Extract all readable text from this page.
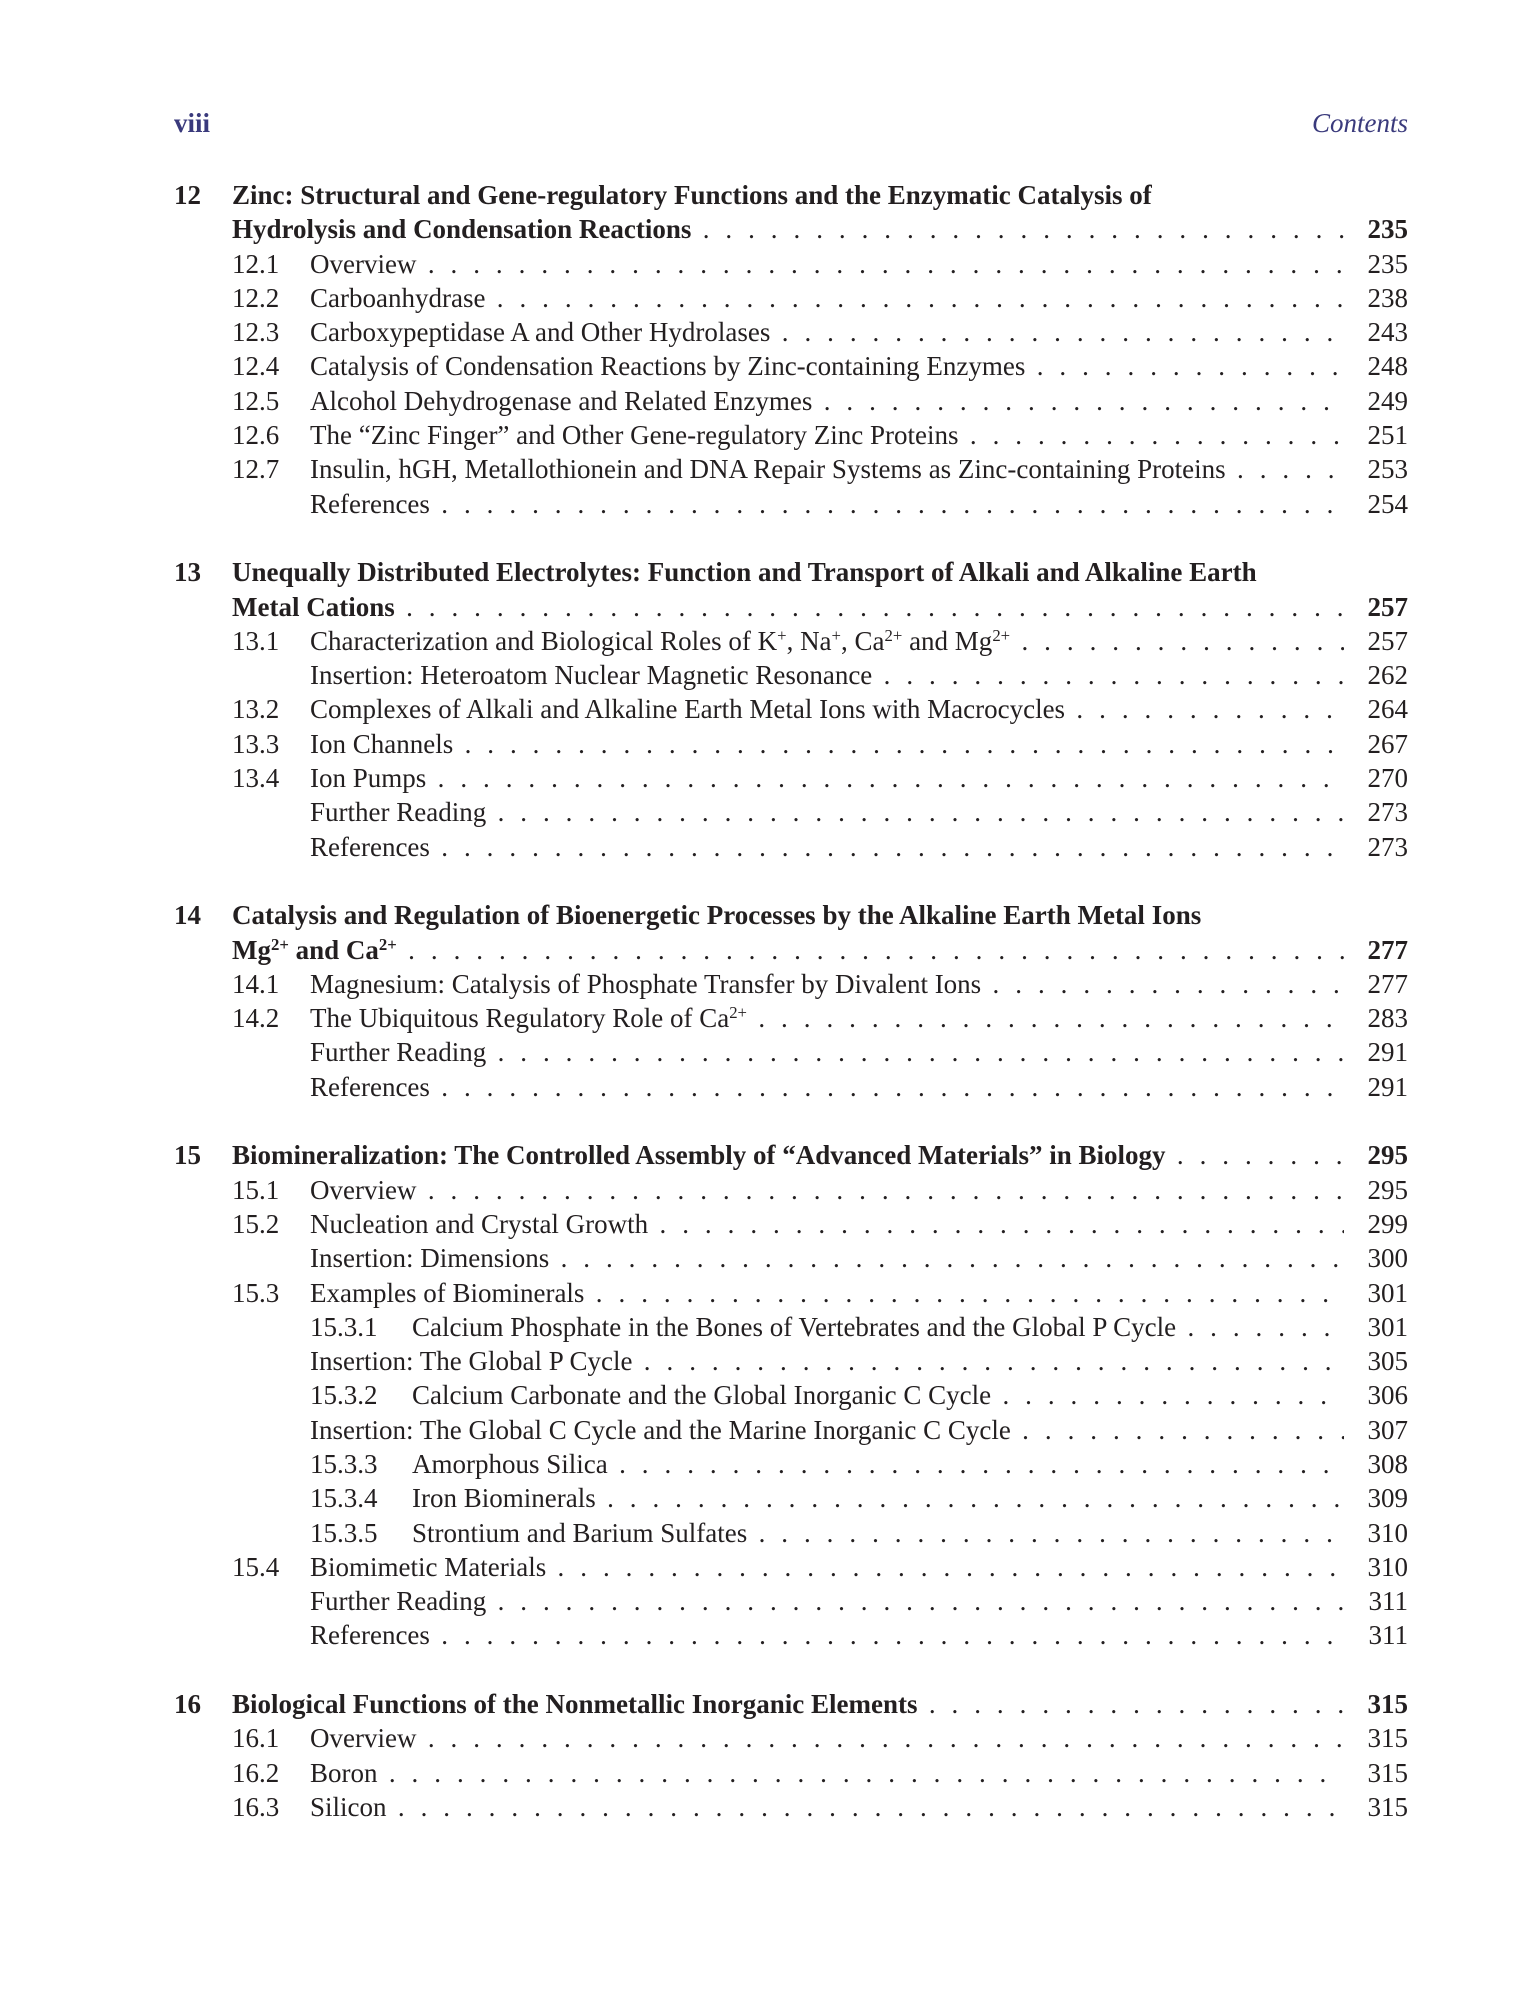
viii	Contents
12 Zinc: Structural and Gene-regulatory Functions and the Enzymatic Catalysis of
Hydrolysis and Condensation Reactions . . .	235
12.1 Overview . . .	235
12.2 Carboanhydrase . . .	238
12.3 Carboxypeptidase A and Other Hydrolases . . .	243
12.4 Catalysis of Condensation Reactions by Zinc-containing Enzymes . . .	248
12.5 Alcohol Dehydrogenase and Related Enzymes . . .	249
12.6 The “Zinc Finger” and Other Gene-regulatory Zinc Proteins . . .	251
12.7 Insulin, hGH, Metallothionein and DNA Repair Systems as Zinc-containing Proteins . . .	253
References . . .	254
13 Unequally Distributed Electrolytes: Function and Transport of Alkali and Alkaline Earth
Metal Cations . . .	257
13.1 Characterization and Biological Roles of K+, Na+, $Ca^{2+}$ and $Mg^{2+}$ . . .	257
Insertion: Heteroatom Nuclear Magnetic Resonance . . .	262
13.2 Complexes of Alkali and Alkaline Earth Metal Ions with Macrocycles . . .	264
13.3 Ion Channels . . .	267
13.4 Ion Pumps . . .	270
Further Reading . . .	273
References . . .	273
14 Catalysis and Regulation of Bioenergetic Processes by the Alkaline Earth Metal Ions
$Mg^{2+}$ and $Ca^{2+}$ . . .	277
14.1 Magnesium: Catalysis of Phosphate Transfer by Divalent Ions . . .	277
14.2 The Ubiquitous Regulatory Role of $Ca^{2+}$ . . .	283
Further Reading . . .	291
References . . .	291
15 Biomineralization: The Controlled Assembly of “Advanced Materials” in Biology . . .	295
15.1 Overview . . .	295
15.2 Nucleation and Crystal Growth . . .	299
Insertion: Dimensions . . .	300
15.3 Examples of Biominerals . . .	301
15.3.1 Calcium Phosphate in the Bones of Vertebrates and the Global P Cycle . . .	301
Insertion: The Global P Cycle . . .	305
15.3.2 Calcium Carbonate and the Global Inorganic C Cycle . . .	306
Insertion: The Global C Cycle and the Marine Inorganic C Cycle . . .	307
15.3.3 Amorphous Silica . . .	308
15.3.4 Iron Biominerals . . .	309
15.3.5 Strontium and Barium Sulfates . . .	310
15.4 Biomimetic Materials . . .	310
Further Reading . . .	311
References . . .	311
16 Biological Functions of the Nonmetallic Inorganic Elements . . .	315
16.1 Overview . . .	315
16.2 Boron . . .	315
16.3 Silicon . . .	315
